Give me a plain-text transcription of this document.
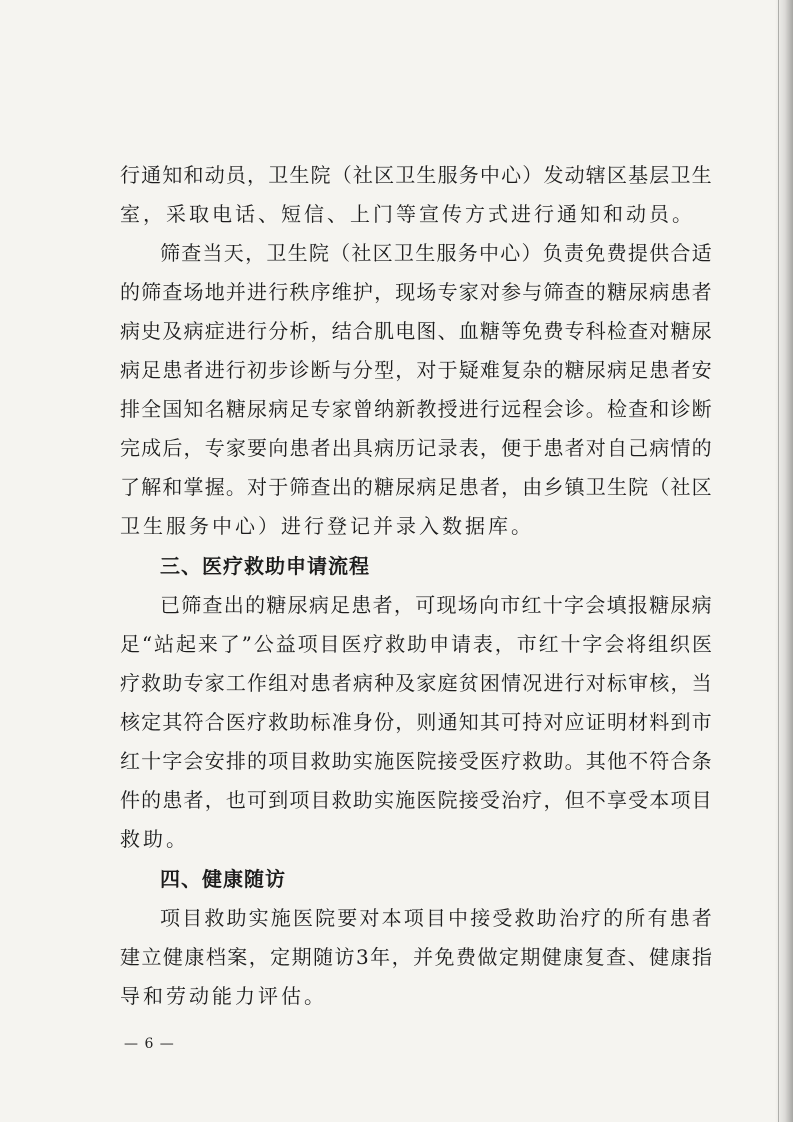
行 通 知 和 动 员 ， 卫 生 院 （ 社 区 卫 生 服 务 中 心 ） 发 动 辖 区 基 层 卫 生
室 ， 采 取 电 话 、 短 信 、 上 门 等 宣 传 方 式 进 行 通 知 和 动 员 。
筛 查 当 天 ， 卫 生 院 （ 社 区 卫 生 服 务 中 心 ） 负 责 免 费 提 供 合 适
的 筛 查 场 地 并 进 行 秩 序 维 护 ， 现 场 专 家 对 参 与 筛 查 的 糖 尿 病 患 者
病 史 及 病 症 进 行 分 析 ， 结 合 肌 电 图 、 血 糖 等 免 费 专 科 检 查 对 糖 尿
病 足 患 者 进 行 初 步 诊 断 与 分 型 ， 对 于 疑 难 复 杂 的 糖 尿 病 足 患 者 安
排 全 国 知 名 糖 尿 病 足 专 家 曾 纳 新 教 授 进 行 远 程 会 诊 。 检 查 和 诊 断
完 成 后 ， 专 家 要 向 患 者 出 具 病 历 记 录 表 ， 便 于 患 者 对 自 己 病 情 的
了 解 和 掌 握 。 对 于 筛 查 出 的 糖 尿 病 足 患 者 ， 由 乡 镇 卫 生 院 （ 社 区
卫 生 服 务 中 心 ） 进 行 登 记 并 录 入 数 据 库 。
三 、 医 疗 救 助 申 请 流 程
已 筛 查 出 的 糖 尿 病 足 患 者 ， 可 现 场 向 市 红 十 字 会 填 报 糖 尿 病
足 “ 站 起 来 了 ” 公 益 项 目 医 疗 救 助 申 请 表 ， 市 红 十 字 会 将 组 织 医
疗 救 助 专 家 工 作 组 对 患 者 病 种 及 家 庭 贫 困 情 况 进 行 对 标 审 核 ， 当
核 定 其 符 合 医 疗 救 助 标 准 身 份 ， 则 通 知 其 可 持 对 应 证 明 材 料 到 市
红 十 字 会 安 排 的 项 目 救 助 实 施 医 院 接 受 医 疗 救 助 。 其 他 不 符 合 条
件 的 患 者 ， 也 可 到 项 目 救 助 实 施 医 院 接 受 治 疗 ， 但 不 享 受 本 项 目
救 助 。
四 、 健 康 随 访
项 目 救 助 实 施 医 院 要 对 本 项 目 中 接 受 救 助 治 疗 的 所 有 患 者
建 立 健 康 档 案 ， 定 期 随 访 3 年 ， 并 免 费 做 定 期 健 康 复 查 、 健 康 指
导 和 劳 动 能 力 评 估 。
— 6 —
